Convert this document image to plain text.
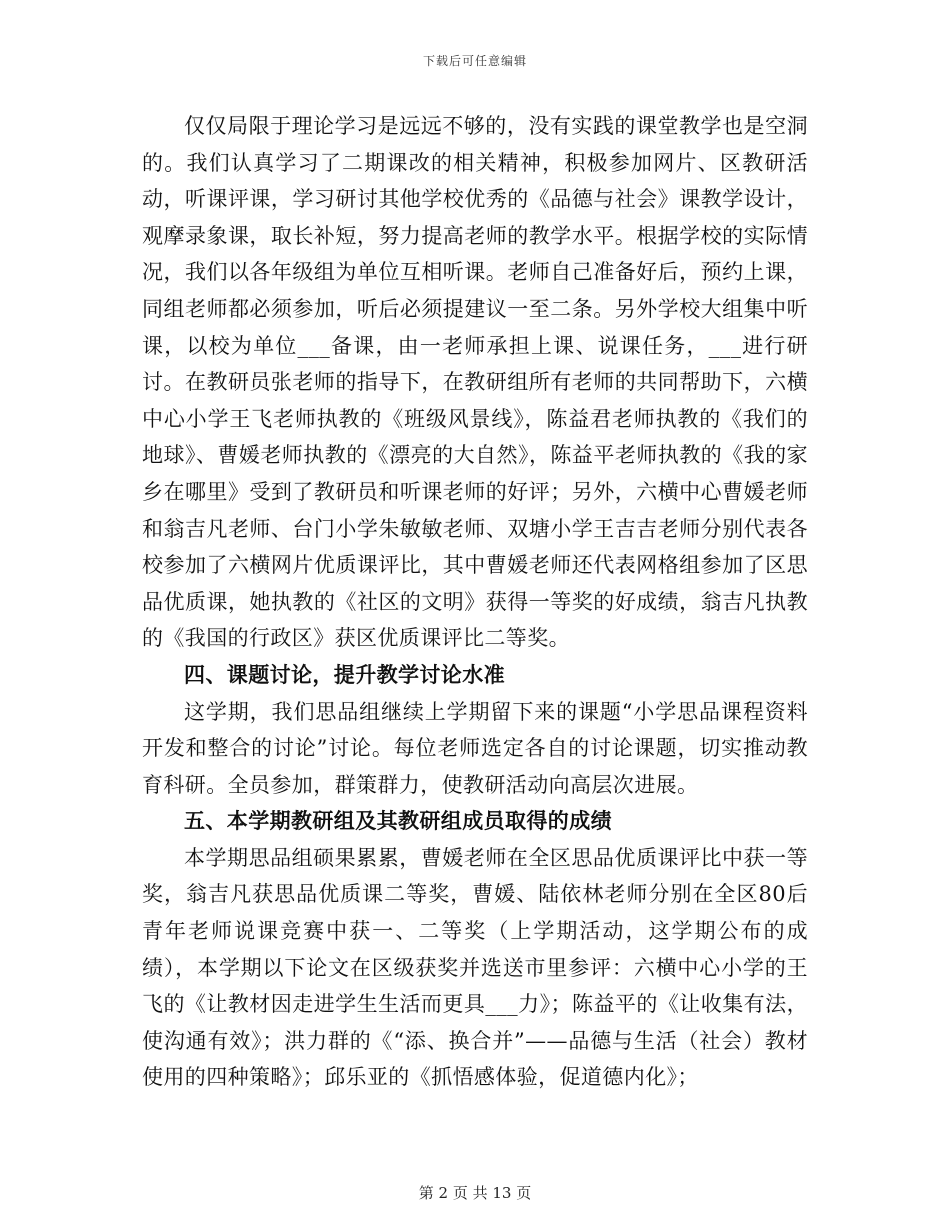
下载后可任意编辑

仅仅局限于理论学习是远远不够的，没有实践的课堂教学也是空洞的。我们认真学习了二期课改的相关精神，积极参加网片、区教研活动，听课评课，学习研讨其他学校优秀的《品德与社会》课教学设计，观摩录象课，取长补短，努力提高老师的教学水平。根据学校的实际情况，我们以各年级组为单位互相听课。老师自己准备好后，预约上课，同组老师都必须参加，听后必须提建议一至二条。另外学校大组集中听课，以校为单位___备课，由一老师承担上课、说课任务，___进行研讨。在教研员张老师的指导下，在教研组所有老师的共同帮助下，六横中心小学王飞老师执教的《班级风景线》，陈益君老师执教的《我们的地球》、曹媛老师执教的《漂亮的大自然》，陈益平老师执教的《我的家乡在哪里》受到了教研员和听课老师的好评；另外，六横中心曹媛老师和翁吉凡老师、台门小学朱敏敏老师、双塘小学王吉吉老师分别代表各校参加了六横网片优质课评比，其中曹媛老师还代表网格组参加了区思品优质课，她执教的《社区的文明》获得一等奖的好成绩，翁吉凡执教的《我国的行政区》获区优质课评比二等奖。

四、课题讨论，提升教学讨论水准

这学期，我们思品组继续上学期留下来的课题“小学思品课程资料开发和整合的讨论”讨论。每位老师选定各自的讨论课题，切实推动教育科研。全员参加，群策群力，使教研活动向高层次进展。

五、本学期教研组及其教研组成员取得的成绩

本学期思品组硕果累累，曹媛老师在全区思品优质课评比中获一等奖，翁吉凡获思品优质课二等奖，曹媛、陆依林老师分别在全区80后青年老师说课竞赛中获一、二等奖（上学期活动，这学期公布的成绩），本学期以下论文在区级获奖并选送市里参评：六横中心小学的王飞的《让教材因走进学生生活而更具___力》；陈益平的《让收集有法，使沟通有效》；洪力群的《“添、换合并”——品德与生活（社会）教材使用的四种策略》；邱乐亚的《抓悟感体验，促道德内化》；

第 2 页 共 13 页
